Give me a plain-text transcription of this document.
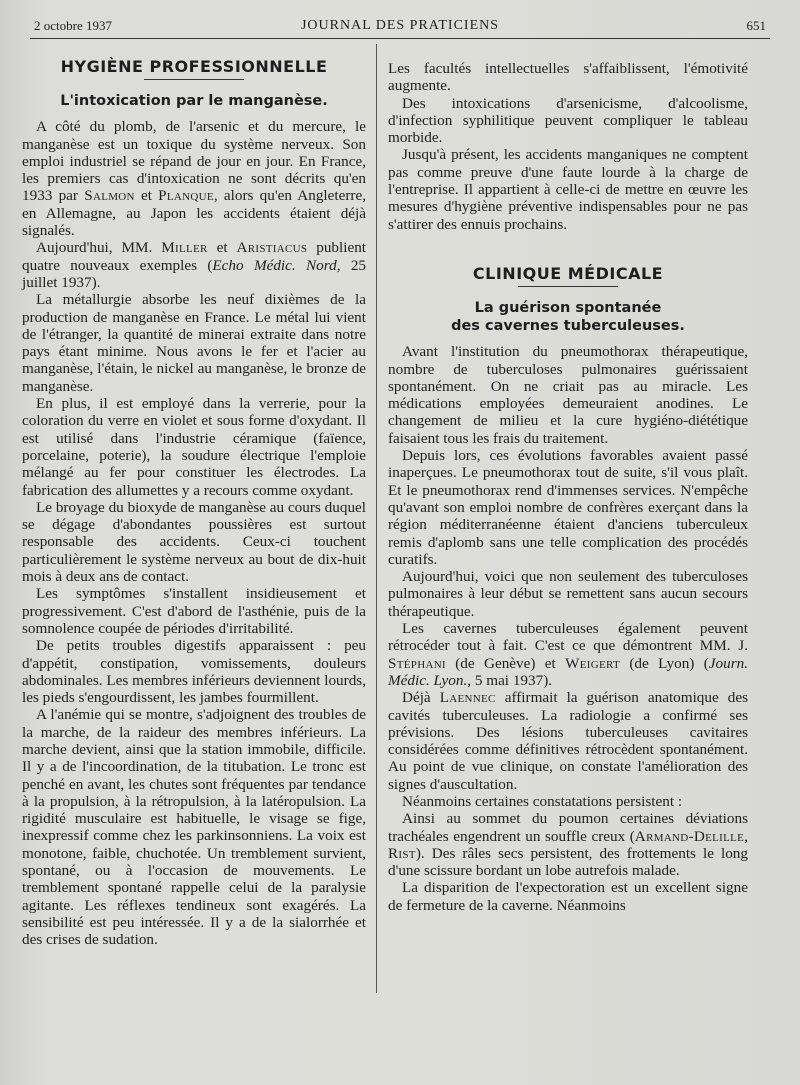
2 octobre 1937	JOURNAL DES PRATICIENS	651
HYGIÈNE PROFESSIONNELLE
L'intoxication par le manganèse.

A côté du plomb, de l'arsenic et du mercure, le manganèse est un toxique du système nerveux. Son emploi industriel se répand de jour en jour. En France, les premiers cas d'intoxication ne sont décrits qu'en 1933 par Salmon et Planque, alors qu'en Angleterre, en Allemagne, au Japon les accidents étaient déjà signalés.

Aujourd'hui, MM. Miller et Aristiacus publient quatre nouveaux exemples (Echo Médic. Nord, 25 juillet 1937).

La métallurgie absorbe les neuf dixièmes de la production de manganèse en France. Le métal lui vient de l'étranger, la quantité de minerai extraite dans notre pays étant minime. Nous avons le fer et l'acier au manganèse, l'étain, le nickel au manganèse, le bronze de manganèse.

En plus, il est employé dans la verrerie, pour la coloration du verre en violet et sous forme d'oxydant. Il est utilisé dans l'industrie céramique (faïence, porcelaine, poterie), la soudure électrique l'emploie mélangé au fer pour constituer les électrodes. La fabrication des allumettes y a recours comme oxydant.

Le broyage du bioxyde de manganèse au cours duquel se dégage d'abondantes poussières est surtout responsable des accidents. Ceux-ci touchent particulièrement le système nerveux au bout de dix-huit mois à deux ans de contact.

Les symptômes s'installent insidieusement et progressivement. C'est d'abord de l'asthénie, puis de la somnolence coupée de périodes d'irritabilité.

De petits troubles digestifs apparaissent : peu d'appétit, constipation, vomissements, douleurs abdominales. Les membres inférieurs deviennent lourds, les pieds s'engourdissent, les jambes fourmillent.

A l'anémie qui se montre, s'adjoignent des troubles de la marche, de la raideur des membres inférieurs. La marche devient, ainsi que la station immobile, difficile. Il y a de l'incoordination, de la titubation. Le tronc est penché en avant, les chutes sont fréquentes par tendance à la propulsion, à la rétropulsion, à la latéropulsion. La rigidité musculaire est habituelle, le visage se fige, inexpressif comme chez les parkinsonniens. La voix est monotone, faible, chuchotée. Un tremblement survient, spontané, ou à l'occasion de mouvements. Le tremblement spontané rappelle celui de la paralysie agitante. Les réflexes tendineux sont exagérés. La sensibilité est peu intéressée. Il y a de la sialorrhée et des crises de sudation.

Les facultés intellectuelles s'affaiblissent, l'émotivité augmente.

Des intoxications d'arsenicisme, d'alcoolisme, d'infection syphilitique peuvent compliquer le tableau morbide.

Jusqu'à présent, les accidents manganiques ne comptent pas comme preuve d'une faute lourde à la charge de l'entreprise. Il appartient à celle-ci de mettre en œuvre les mesures d'hygiène préventive indispensables pour ne pas s'attirer des ennuis prochains.

CLINIQUE MÉDICALE
La guérison spontanée
des cavernes tuberculeuses.

Avant l'institution du pneumothorax thérapeutique, nombre de tuberculoses pulmonaires guérissaient spontanément. On ne criait pas au miracle. Les médications employées demeuraient anodines. Le changement de milieu et la cure hygiéno-diététique faisaient tous les frais du traitement.

Depuis lors, ces évolutions favorables avaient passé inaperçues. Le pneumothorax tout de suite, s'il vous plaît. Et le pneumothorax rend d'immenses services. N'empêche qu'avant son emploi nombre de confrères exerçant dans la région méditerranéenne étaient d'anciens tuberculeux remis d'aplomb sans une telle complication des procédés curatifs.

Aujourd'hui, voici que non seulement des tuberculoses pulmonaires à leur début se remettent sans aucun secours thérapeutique.

Les cavernes tuberculeuses également peuvent rétrocéder tout à fait. C'est ce que démontrent MM. J. Stéphani (de Genève) et Weigert (de Lyon) (Journ. Médic. Lyon., 5 mai 1937).

Déjà Laennec affirmait la guérison anatomique des cavités tuberculeuses. La radiologie a confirmé ses prévisions. Des lésions tuberculeuses cavitaires considérées comme définitives rétrocèdent spontanément. Au point de vue clinique, on constate l'amélioration des signes d'auscultation.

Néanmoins certaines constatations persistent :

Ainsi au sommet du poumon certaines déviations trachéales engendrent un souffle creux (Armand-Delille, Rist). Des râles secs persistent, des frottements le long d'une scissure bordant un lobe autrefois malade.

La disparition de l'expectoration est un excellent signe de fermeture de la caverne. Néanmoins
